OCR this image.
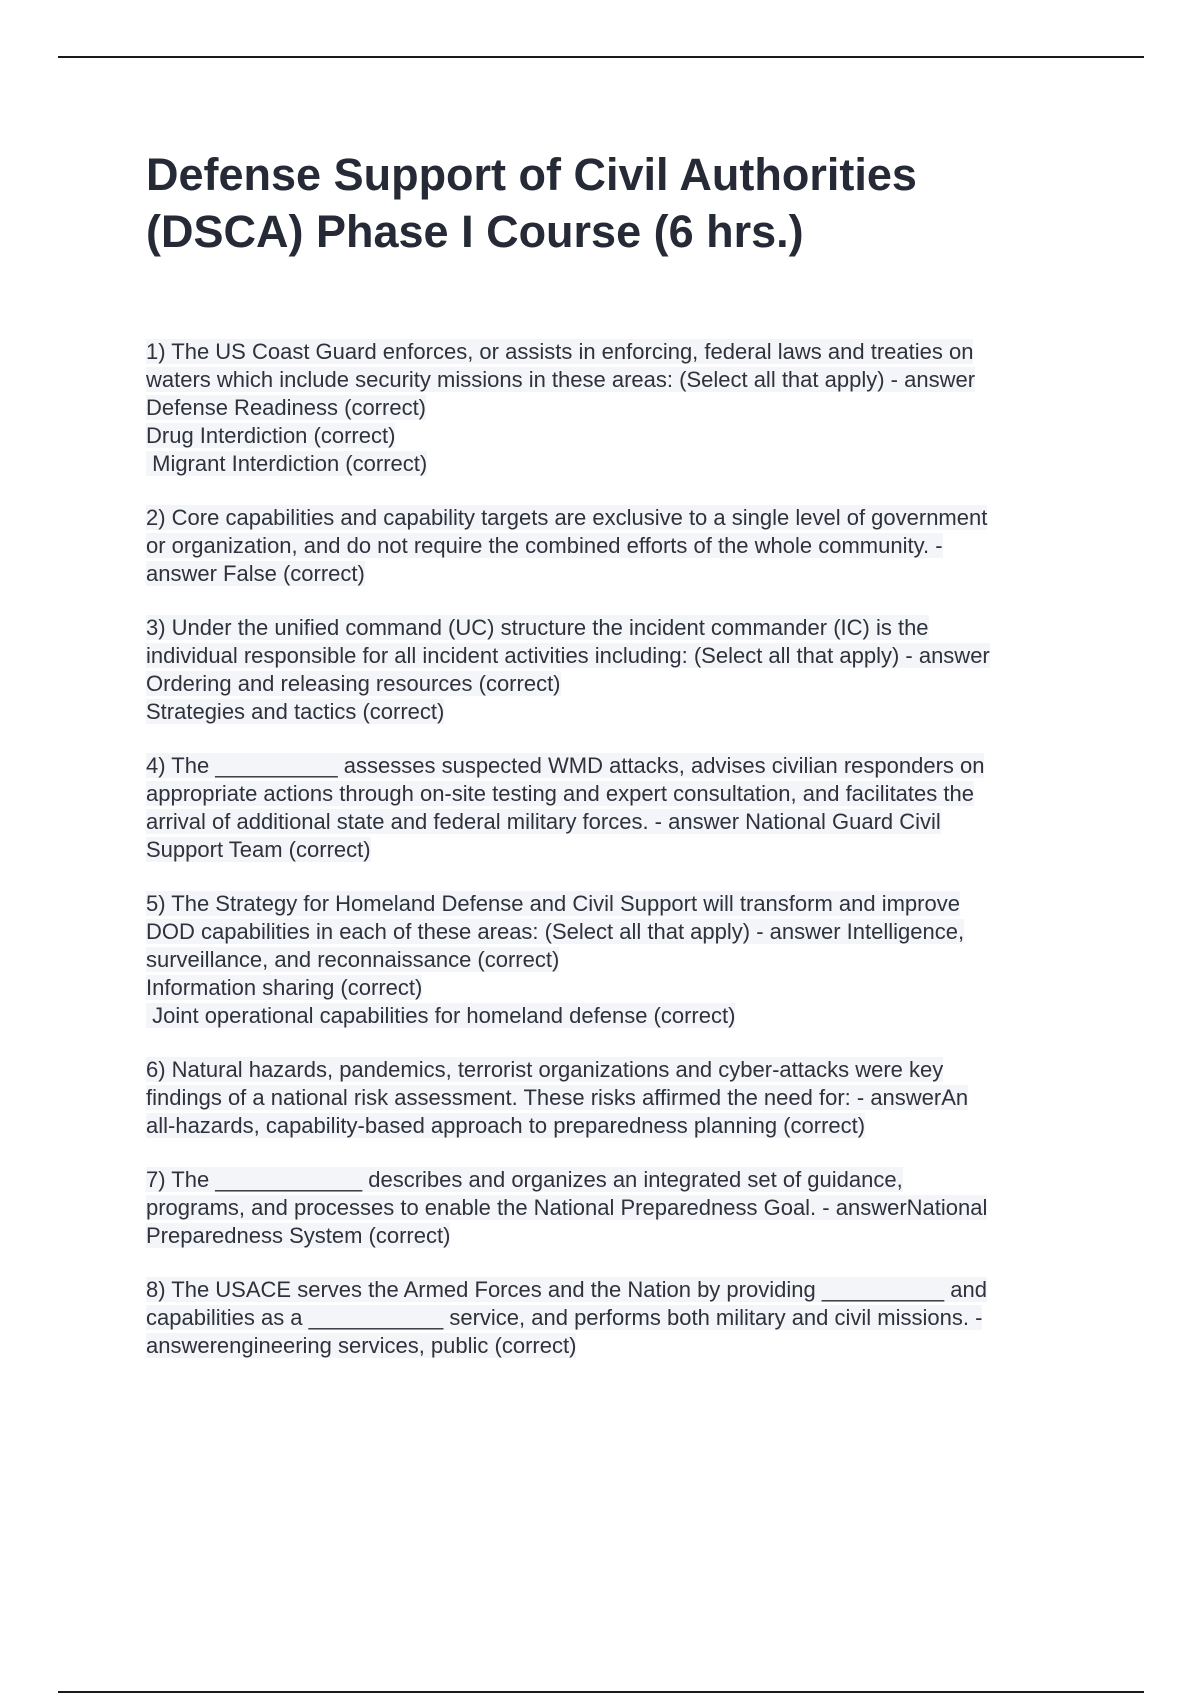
Defense Support of Civil Authorities
(DSCA) Phase I Course (6 hrs.)
1) The US Coast Guard enforces, or assists in enforcing, federal laws and treaties on
waters which include security missions in these areas: (Select all that apply) - answer
Defense Readiness (correct)
Drug Interdiction (correct)
Migrant Interdiction (correct)
2) Core capabilities and capability targets are exclusive to a single level of government
or organization, and do not require the combined efforts of the whole community. -
answer False (correct)
3) Under the unified command (UC) structure the incident commander (IC) is the
individual responsible for all incident activities including: (Select all that apply) - answer
Ordering and releasing resources (correct)
Strategies and tactics (correct)
4) The __________ assesses suspected WMD attacks, advises civilian responders on
appropriate actions through on-site testing and expert consultation, and facilitates the
arrival of additional state and federal military forces. - answer National Guard Civil
Support Team (correct)
5) The Strategy for Homeland Defense and Civil Support will transform and improve
DOD capabilities in each of these areas: (Select all that apply) - answer Intelligence,
surveillance, and reconnaissance (correct)
Information sharing (correct)
Joint operational capabilities for homeland defense (correct)
6) Natural hazards, pandemics, terrorist organizations and cyber-attacks were key
findings of a national risk assessment. These risks affirmed the need for: - answerAn
all-hazards, capability-based approach to preparedness planning (correct)
7) The ____________ describes and organizes an integrated set of guidance,
programs, and processes to enable the National Preparedness Goal. - answerNational
Preparedness System (correct)
8) The USACE serves the Armed Forces and the Nation by providing __________ and
capabilities as a ___________ service, and performs both military and civil missions. -
answerengineering services, public (correct)
